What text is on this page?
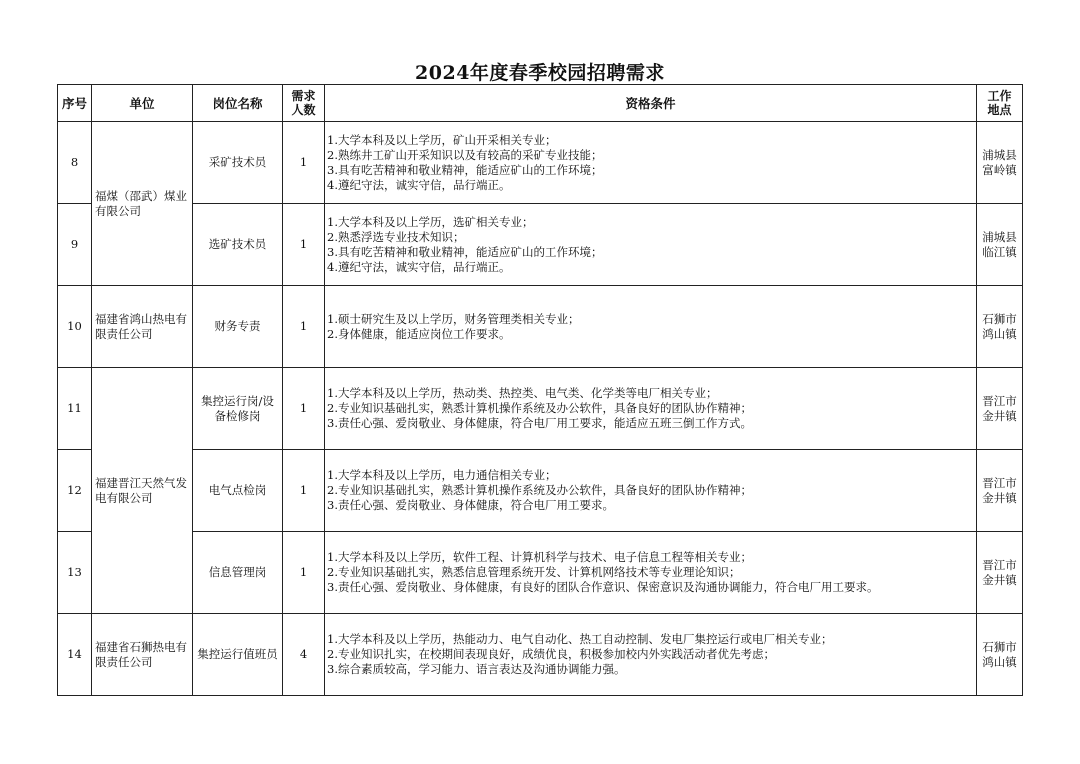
2024年度春季校园招聘需求
序号	单位	岗位名称	需求人数	资格条件	工作地点
8	福煤（邵武）煤业有限公司	采矿技术员	1	1.大学本科及以上学历，矿山开采相关专业；
2.熟练井工矿山开采知识以及有较高的采矿专业技能；
3.具有吃苦精神和敬业精神，能适应矿山的工作环境；
4.遵纪守法，诚实守信，品行端正。	浦城县富岭镇
9		选矿技术员	1	1.大学本科及以上学历，选矿相关专业；
2.熟悉浮选专业技术知识；
3.具有吃苦精神和敬业精神，能适应矿山的工作环境；
4.遵纪守法，诚实守信，品行端正。	浦城县临江镇
10	福建省鸿山热电有限责任公司	财务专责	1	1.硕士研究生及以上学历，财务管理类相关专业；
2.身体健康，能适应岗位工作要求。	石狮市鸿山镇
11	福建晋江天然气发电有限公司	集控运行岗/设备检修岗	1	1.大学本科及以上学历，热动类、热控类、电气类、化学类等电厂相关专业；
2.专业知识基础扎实，熟悉计算机操作系统及办公软件，具备良好的团队协作精神；
3.责任心强、爱岗敬业、身体健康，符合电厂用工要求，能适应五班三倒工作方式。	晋江市金井镇
12		电气点检岗	1	1.大学本科及以上学历，电力通信相关专业；
2.专业知识基础扎实，熟悉计算机操作系统及办公软件，具备良好的团队协作精神；
3.责任心强、爱岗敬业、身体健康，符合电厂用工要求。	晋江市金井镇
13		信息管理岗	1	1.大学本科及以上学历，软件工程、计算机科学与技术、电子信息工程等相关专业；
2.专业知识基础扎实，熟悉信息管理系统开发、计算机网络技术等专业理论知识；
3.责任心强、爱岗敬业、身体健康，有良好的团队合作意识、保密意识及沟通协调能力，符合电厂用工要求。	晋江市金井镇
14	福建省石狮热电有限责任公司	集控运行值班员	4	1.大学本科及以上学历，热能动力、电气自动化、热工自动控制、发电厂集控运行或电厂相关专业；
2.专业知识扎实，在校期间表现良好，成绩优良，积极参加校内外实践活动者优先考虑；
3.综合素质较高，学习能力、语言表达及沟通协调能力强。	石狮市鸿山镇
